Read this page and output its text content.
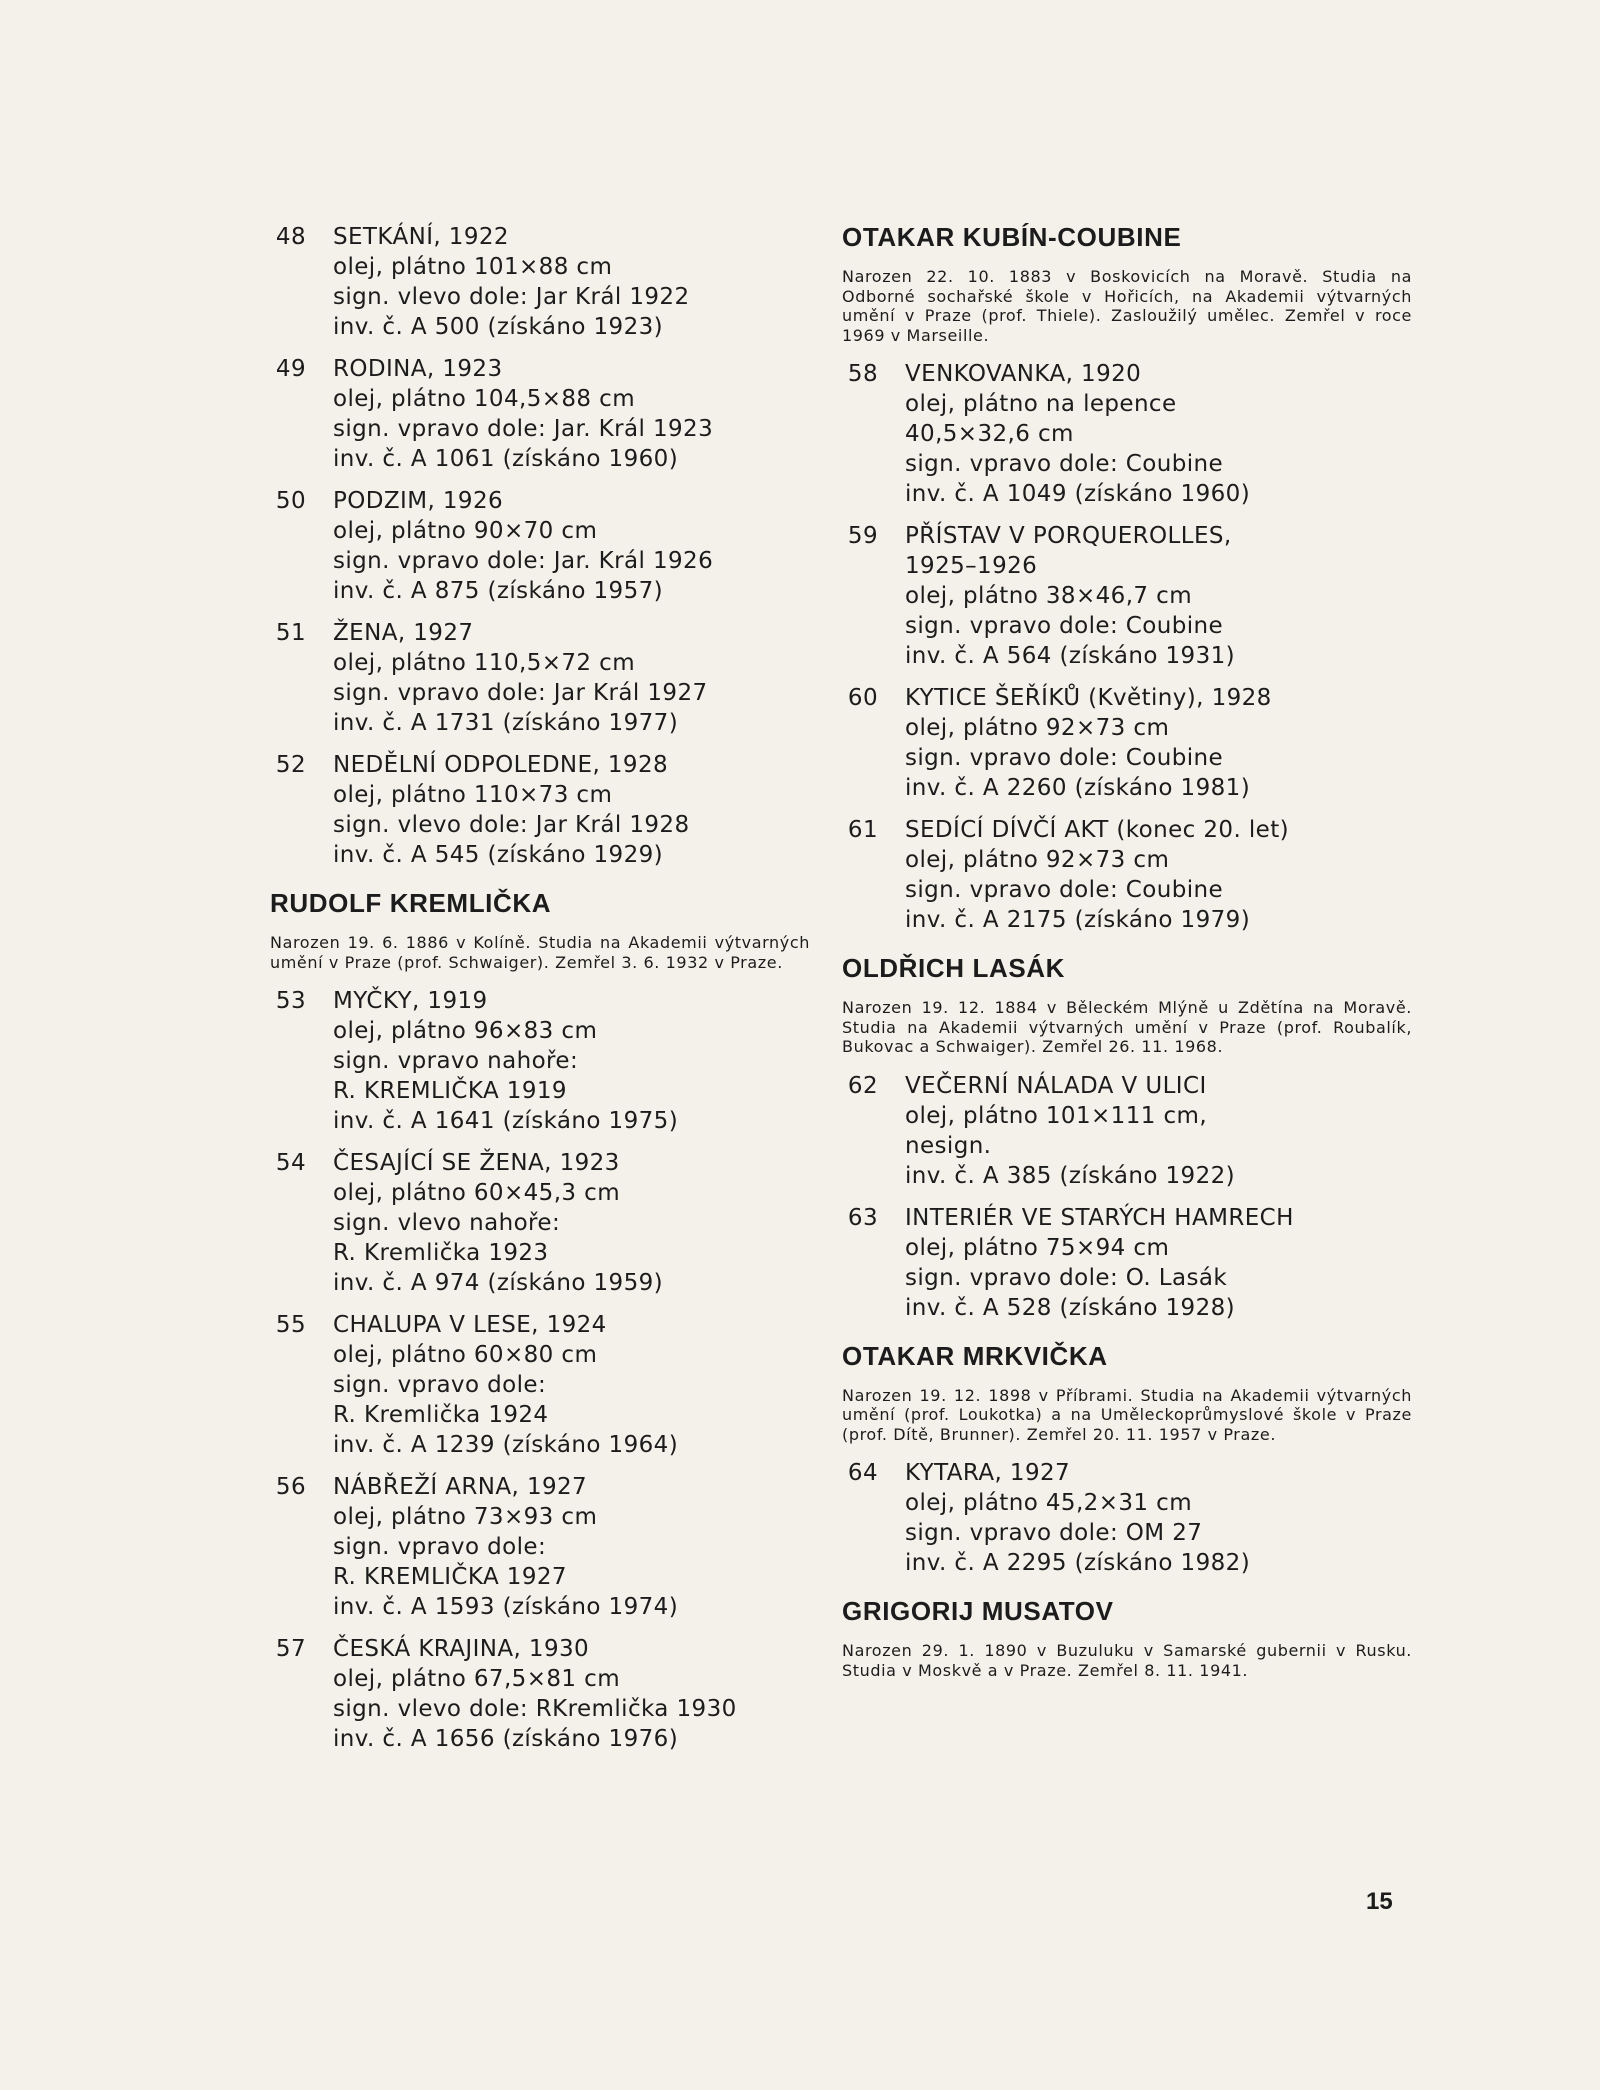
48 SETKÁNÍ, 1922
olej, plátno 101×88 cm
sign. vlevo dole: Jar Král 1922
inv. č. A 500 (získáno 1923)
49 RODINA, 1923
olej, plátno 104,5×88 cm
sign. vpravo dole: Jar. Král 1923
inv. č. A 1061 (získáno 1960)
50 PODZIM, 1926
olej, plátno 90×70 cm
sign. vpravo dole: Jar. Král 1926
inv. č. A 875 (získáno 1957)
51 ŽENA, 1927
olej, plátno 110,5×72 cm
sign. vpravo dole: Jar Král 1927
inv. č. A 1731 (získáno 1977)
52 NEDĚLNÍ ODPOLEDNE, 1928
olej, plátno 110×73 cm
sign. vlevo dole: Jar Král 1928
inv. č. A 545 (získáno 1929)
RUDOLF KREMLIČKA
Narozen 19. 6. 1886 v Kolíně. Studia na Akademii výtvarných umění v Praze (prof. Schwaiger). Zemřel 3. 6. 1932 v Praze.
53 MYČKY, 1919
olej, plátno 96×83 cm
sign. vpravo nahoře:
R. KREMLIČKA 1919
inv. č. A 1641 (získáno 1975)
54 ČESAJÍCÍ SE ŽENA, 1923
olej, plátno 60×45,3 cm
sign. vlevo nahoře:
R. Kremlička 1923
inv. č. A 974 (získáno 1959)
55 CHALUPA V LESE, 1924
olej, plátno 60×80 cm
sign. vpravo dole:
R. Kremlička 1924
inv. č. A 1239 (získáno 1964)
56 NÁBŘEŽÍ ARNA, 1927
olej, plátno 73×93 cm
sign. vpravo dole:
R. KREMLIČKA 1927
inv. č. A 1593 (získáno 1974)
57 ČESKÁ KRAJINA, 1930
olej, plátno 67,5×81 cm
sign. vlevo dole: RKremlička 1930
inv. č. A 1656 (získáno 1976)
OTAKAR KUBÍN-COUBINE
Narozen 22. 10. 1883 v Boskovicích na Moravě. Studia na Odborné sochařské škole v Hořicích, na Akademii výtvarných umění v Praze (prof. Thiele). Zasloužilý umělec. Zemřel v roce 1969 v Marseille.
58 VENKOVANKA, 1920
olej, plátno na lepence
40,5×32,6 cm
sign. vpravo dole: Coubine
inv. č. A 1049 (získáno 1960)
59 PŘÍSTAV V PORQUEROLLES,
1925–1926
olej, plátno 38×46,7 cm
sign. vpravo dole: Coubine
inv. č. A 564 (získáno 1931)
60 KYTICE ŠEŘÍKŮ (Květiny), 1928
olej, plátno 92×73 cm
sign. vpravo dole: Coubine
inv. č. A 2260 (získáno 1981)
61 SEDÍCÍ DÍVČÍ AKT (konec 20. let)
olej, plátno 92×73 cm
sign. vpravo dole: Coubine
inv. č. A 2175 (získáno 1979)
OLDŘICH LASÁK
Narozen 19. 12. 1884 v Běleckém Mlýně u Zdětína na Moravě. Studia na Akademii výtvarných umění v Praze (prof. Roubalík, Bukovac a Schwaiger). Zemřel 26. 11. 1968.
62 VEČERNÍ NÁLADA V ULICI
olej, plátno 101×111 cm,
nesign.
inv. č. A 385 (získáno 1922)
63 INTERIÉR VE STARÝCH HAMRECH
olej, plátno 75×94 cm
sign. vpravo dole: O. Lasák
inv. č. A 528 (získáno 1928)
OTAKAR MRKVIČKA
Narozen 19. 12. 1898 v Příbrami. Studia na Akademii výtvarných umění (prof. Loukotka) a na Uměleckoprůmyslové škole v Praze (prof. Dítě, Brunner). Zemřel 20. 11. 1957 v Praze.
64 KYTARA, 1927
olej, plátno 45,2×31 cm
sign. vpravo dole: OM 27
inv. č. A 2295 (získáno 1982)
GRIGORIJ MUSATOV
Narozen 29. 1. 1890 v Buzuluku v Samarské gubernii v Rusku. Studia v Moskvě a v Praze. Zemřel 8. 11. 1941.
15
